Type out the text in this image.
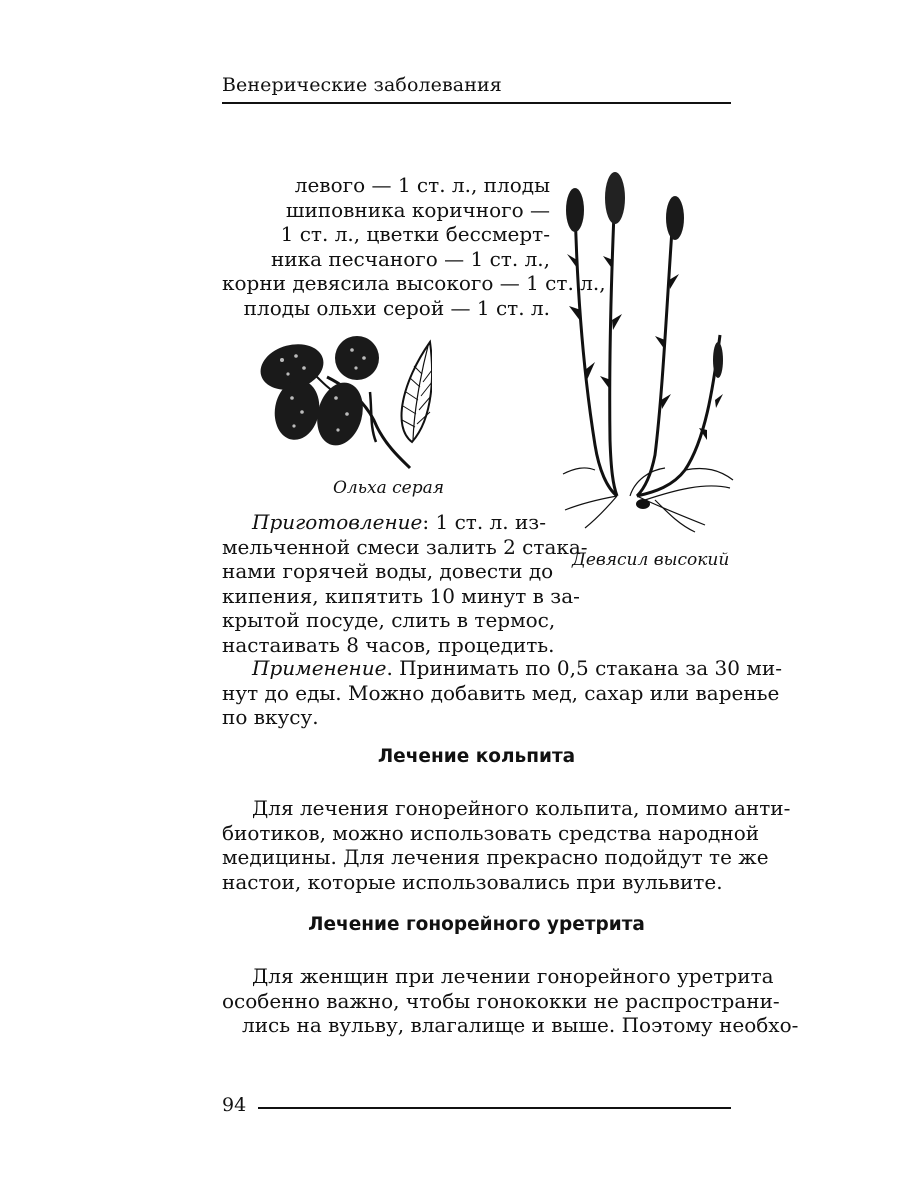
Венерические заболевания
левого — 1 ст. л., плоды
шиповника коричного —
1 ст. л., цветки бессмерт-
ника песчаного — 1 ст. л.,
корни девясила высокого — 1 ст. л.,
плоды ольхи серой — 1 ст. л.
Ольха серая
Девясил высокий
Приготовление : 1 ст. л. из-
мельченной смеси залить 2 стака-
нами горячей воды, довести до
кипения, кипятить 10 минут в за-
крытой посуде, слить в термос,
настаивать 8 часов, процедить.
Применение . Принимать по 0,5 стакана за 30 ми-
нут до еды. Можно добавить мед, сахар или варенье
по вкусу.
Лечение кольпита
Для лечения гонорейного кольпита, помимо анти-
биотиков, можно использовать средства народной
медицины. Для лечения прекрасно подойдут те же
настои, которые использовались при вульвите.
Лечение гонорейного уретрита
Для женщин при лечении гонорейного уретрита
особенно важно, чтобы гонококки не распространи-
лись на вульву, влагалище и выше. Поэтому необхо-
94
